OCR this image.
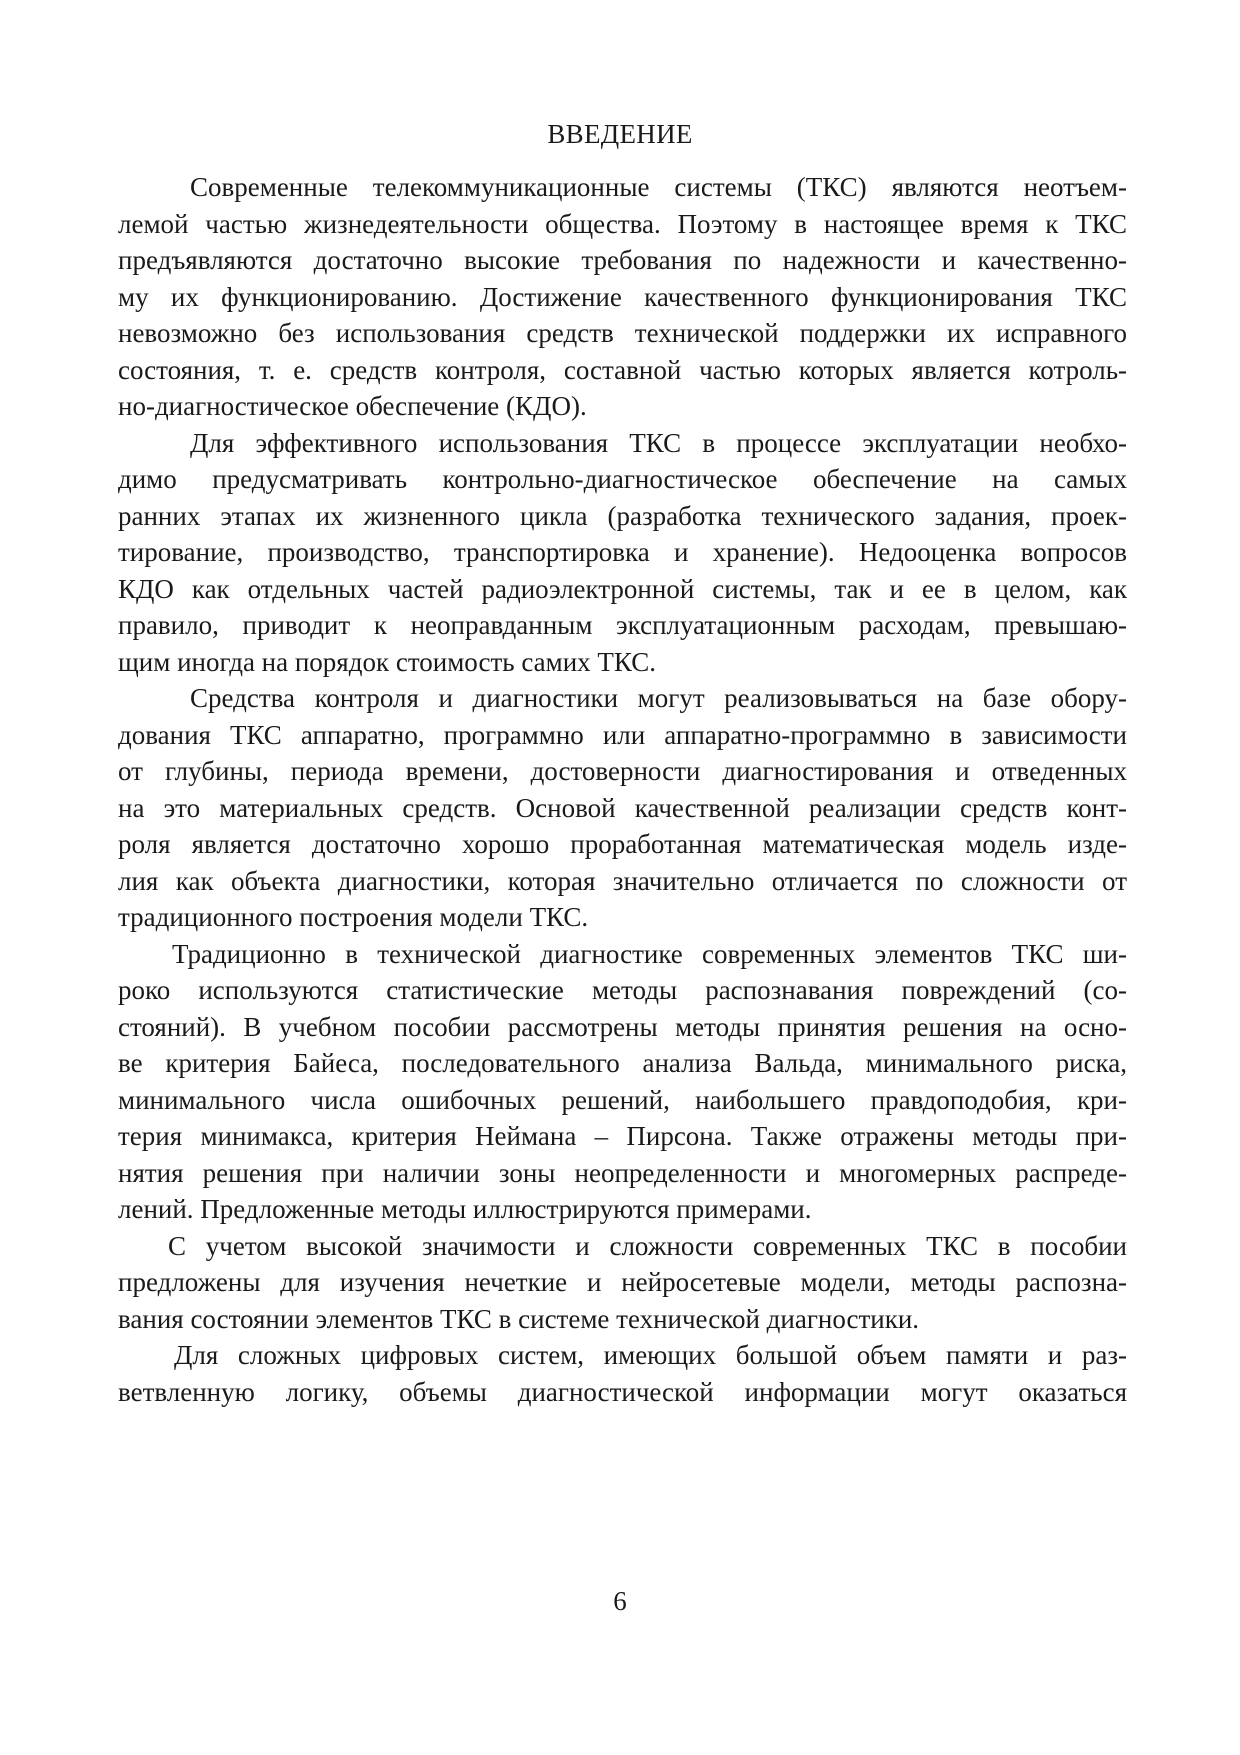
ВВЕДЕНИЕ
Современные телекоммуникационные системы (ТКС) являются неотъем-
лемой частью жизнедеятельности общества. Поэтому в настоящее время к ТКС
предъявляются достаточно высокие требования по надежности и качественно-
му их функционированию. Достижение качественного функционирования ТКС
невозможно без использования средств технической поддержки их исправного
состояния, т. е. средств контроля, составной частью которых является котроль-
но-диагностическое обеспечение (КДО).
Для эффективного использования ТКС в процессе эксплуатации необхо-
димо предусматривать контрольно-диагностическое обеспечение на самых
ранних этапах их жизненного цикла (разработка технического задания, проек-
тирование, производство, транспортировка и хранение). Недооценка вопросов
КДО как отдельных частей радиоэлектронной системы, так и ее в целом, как
правило, приводит к неоправданным эксплуатационным расходам, превышаю-
щим иногда на порядок стоимость самих ТКС.
Средства контроля и диагностики могут реализовываться на базе обору-
дования ТКС аппаратно, программно или аппаратно-программно в зависимости
от глубины, периода времени, достоверности диагностирования и отведенных
на это материальных средств. Основой качественной реализации средств конт-
роля является достаточно хорошо проработанная математическая модель изде-
лия как объекта диагностики, которая значительно отличается по сложности от
традиционного построения модели ТКС.
Традиционно в технической диагностике современных элементов ТКС ши-
роко используются статистические методы распознавания повреждений (со-
стояний). В учебном пособии рассмотрены методы принятия решения на осно-
ве критерия Байеса, последовательного анализа Вальда, минимального риска,
минимального числа ошибочных решений, наибольшего правдоподобия, кри-
терия минимакса, критерия Неймана – Пирсона. Также отражены методы при-
нятия решения при наличии зоны неопределенности и многомерных распреде-
лений. Предложенные методы иллюстрируются примерами.
С учетом высокой значимости и сложности современных ТКС в пособии
предложены для изучения нечеткие и нейросетевые модели, методы распозна-
вания состоянии элементов ТКС в системе технической диагностики.
Для сложных цифровых систем, имеющих большой объем памяти и раз-
ветвленную логику, объемы диагностической информации могут оказаться
6
